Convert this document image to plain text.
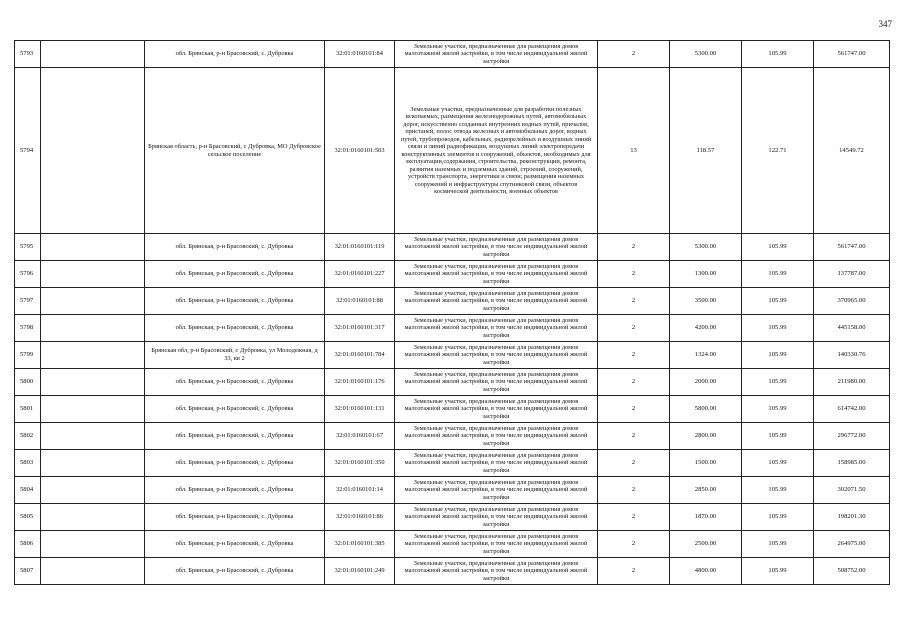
347
5793		обл. Брянская, р-н Брасовский, с. Дубровка	32:01:0160101:84	Земельные участки, предназначенные для размещения домов малоэтажной жилой застройки, в том числе индивидуальной жилой застройки	2	5300.00	105.99	561747.00
5794		Брянская область, р-н Брасовский, с Дубровка, МО Дубровское сельское поселение	32:01:0160101:503	Земельные участки, предназначенные для разработки полезных ископаемых, размещения железнодорожных путей, автомобильных дорог, искусственно созданных внутренних водных путей, причалов, пристаней, полос отвода железных и автомобильных дорог, водных путей, трубопроводов, кабельных, радиорелейных и воздушных линий связи и линий радиофикации, воздушных линий электропередачи конструктивных элементов и сооружений, объектов, необходимых для эксплуатации,содержания, строительства, реконструкции, ремонта, развития наземных и подземных зданий, строений, сооружений, устройств транспорта, энергетики и связи; размещения наземных сооружений и инфраструктуры спутниковой связи, объектов космической деятельности, военных объектов	13	118.57	122.71	14549.72
5795		обл. Брянская, р-н Брасовский, с. Дубровка	32:01:0160101:119	Земельные участки, предназначенные для размещения домов малоэтажной жилой застройки, в том числе индивидуальной жилой застройки	2	5300.00	105.99	561747.00
5796		обл. Брянская, р-н Брасовский, с. Дубровка	32:01:0160101:227	Земельные участки, предназначенные для размещения домов малоэтажной жилой застройки, в том числе индивидуальной жилой застройки	2	1300.00	105.99	137787.00
5797		обл. Брянская, р-н Брасовский, с. Дубровка	32:01:0160101:88	Земельные участки, предназначенные для размещения домов малоэтажной жилой застройки, в том числе индивидуальной жилой застройки	2	3500.00	105.99	370965.00
5798		обл. Брянская, р-н Брасовский, с. Дубровка	32:01:0160101:317	Земельные участки, предназначенные для размещения домов малоэтажной жилой застройки, в том числе индивидуальной жилой застройки	2	4200.00	105.99	445158.00
5799		Брянская обл, р-н Брасовский, с Дубровка, ул Молодежная, д 33, кв 2	32:01:0160101:784	Земельные участки, предназначенные для размещения домов малоэтажной жилой застройки, в том числе индивидуальной жилой застройки	2	1324.00	105.99	140330.76
5800		обл. Брянская, р-н Брасовский, с. Дубровка	32:01:0160101:176	Земельные участки, предназначенные для размещения домов малоэтажной жилой застройки, в том числе индивидуальной жилой застройки	2	2000.00	105.99	211980.00
5801		обл. Брянская, р-н Брасовский, с. Дубровка	32:01:0160101:131	Земельные участки, предназначенные для размещения домов малоэтажной жилой застройки, в том числе индивидуальной жилой застройки	2	5800.00	105.99	614742.00
5802		обл. Брянская, р-н Брасовский, с. Дубровка	32:01:0160101:67	Земельные участки, предназначенные для размещения домов малоэтажной жилой застройки, в том числе индивидуальной жилой застройки	2	2800.00	105.99	296772.00
5803		обл. Брянская, р-н Брасовский, с. Дубровка	32:01:0160101:350	Земельные участки, предназначенные для размещения домов малоэтажной жилой застройки, в том числе индивидуальной жилой застройки	2	1500.00	105.99	158985.00
5804		обл. Брянская, р-н Брасовский, с. Дубровка	32:01:0160101:14	Земельные участки, предназначенные для размещения домов малоэтажной жилой застройки, в том числе индивидуальной жилой застройки	2	2850.00	105.99	302071.50
5805		обл. Брянская, р-н Брасовский, с. Дубровка	32:01:0160101:86	Земельные участки, предназначенные для размещения домов малоэтажной жилой застройки, в том числе индивидуальной жилой застройки	2	1870.00	105.99	198201.30
5806		обл. Брянская, р-н Брасовский, с. Дубровка	32:01:0160101:385	Земельные участки, предназначенные для размещения домов малоэтажной жилой застройки, в том числе индивидуальной жилой застройки	2	2500.00	105.99	264975.00
5807		обл. Брянская, р-н Брасовский, с. Дубровка	32:01:0160101:249	Земельные участки, предназначенные для размещения домов малоэтажной жилой застройки, в том числе индивидуальной жилой застройки	2	4800.00	105.99	508752.00
